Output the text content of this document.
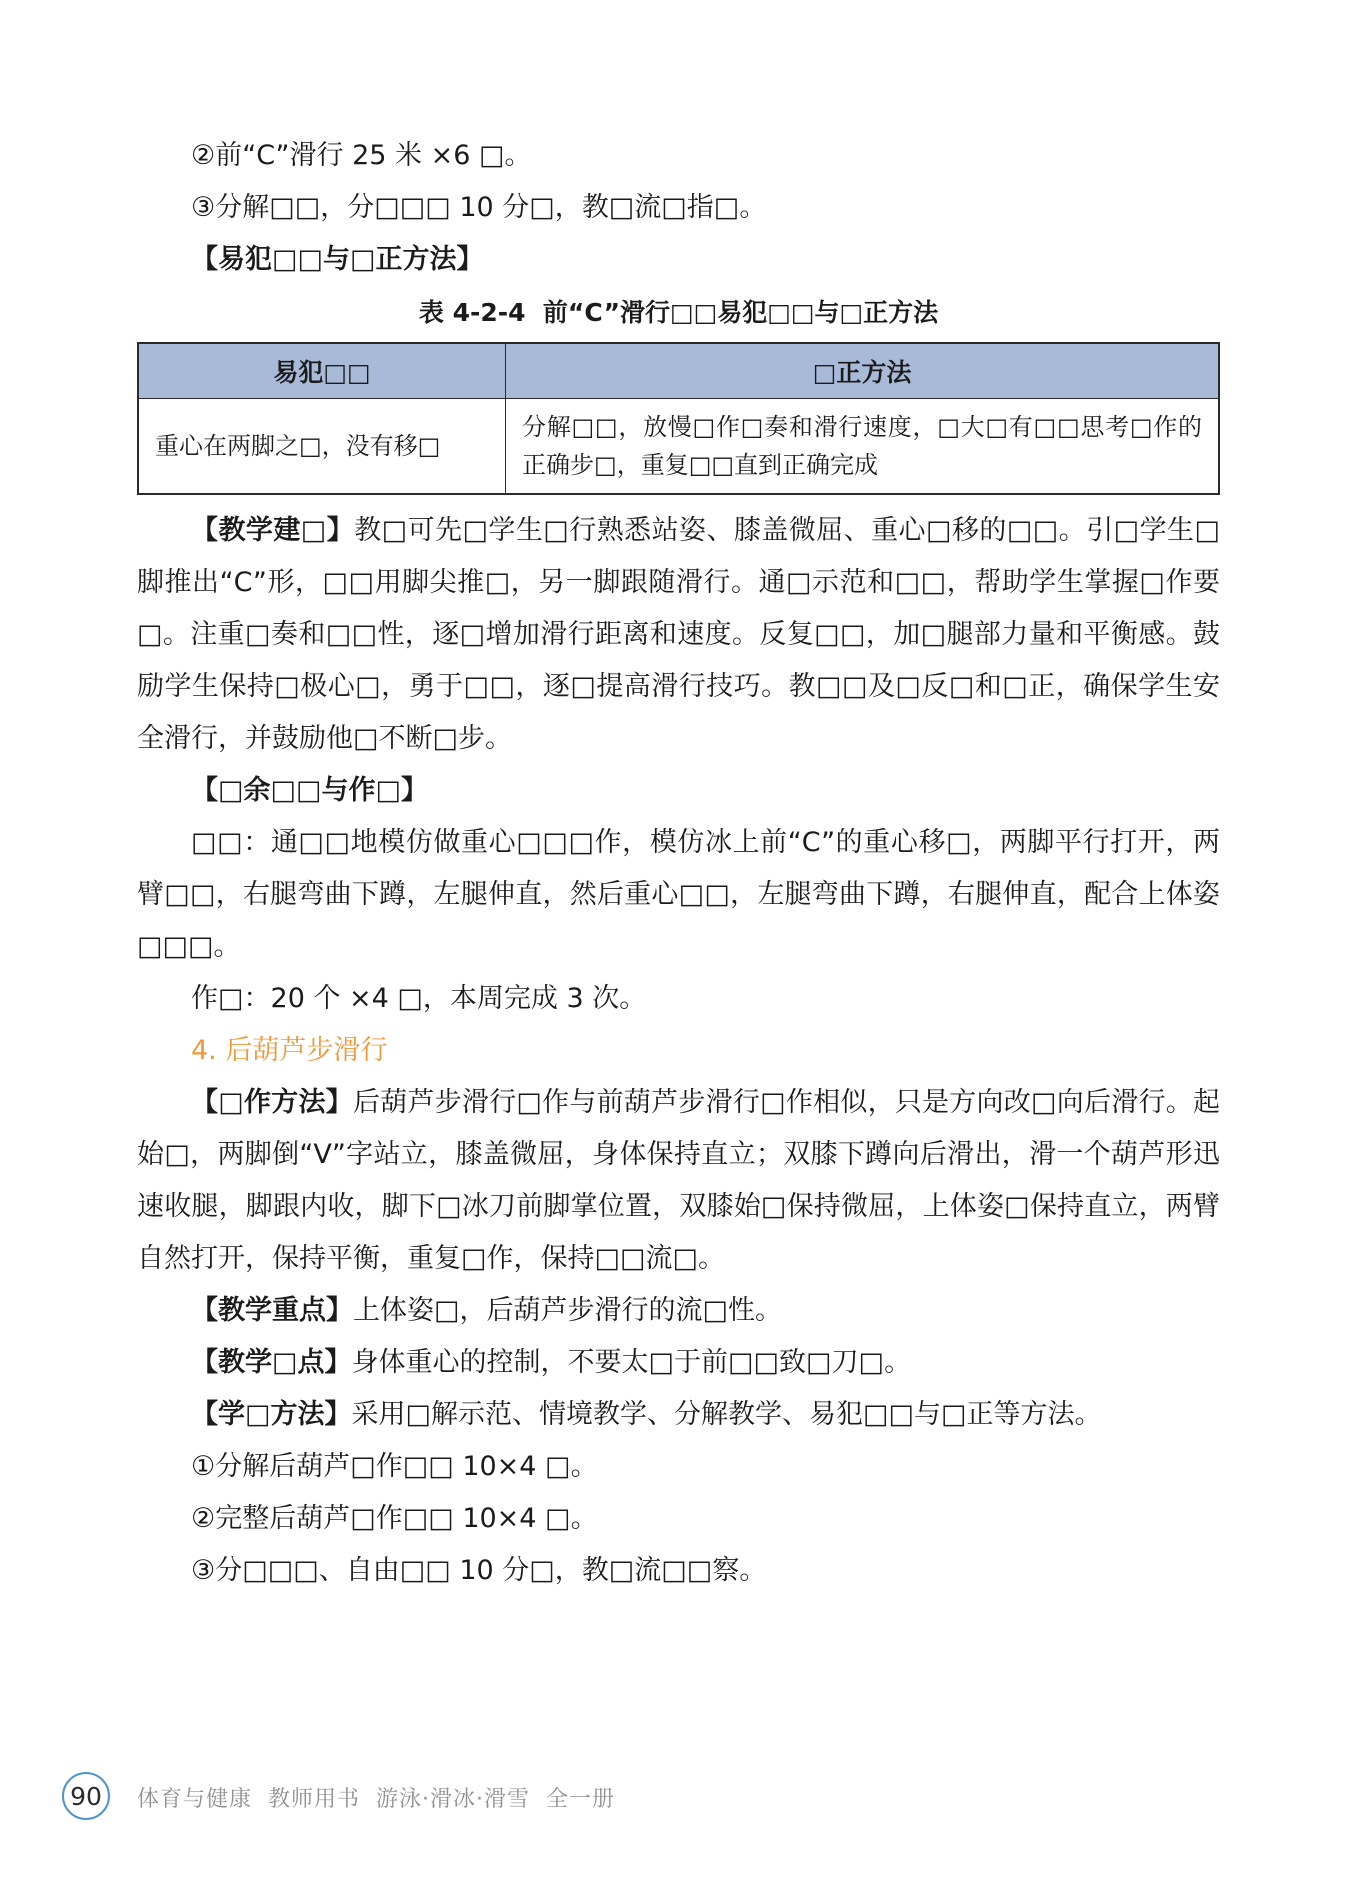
②前“C”滑行 25 米 ×6 □。

③分解□□，分□□□ 10 分□，教□流□指□。

【易犯□□与□正方法】

表 4-2-4  前“C”滑行□□易犯□□与□正方法
易犯□□	□正方法
重心在两脚之□，没有移□	分解□□，放慢□作□奏和滑行速度，□大□有□□思考□作的正确步□，重复□□直到正确完成

【教学建□】教□可先□学生□行熟悉站姿、膝盖微屈、重心□移的□□。引□学生□脚推出“C”形，□□用脚尖推□，另一脚跟随滑行。通□示范和□□，帮助学生掌握□作要□。注重□奏和□□性，逐□增加滑行距离和速度。反复□□，加□腿部力量和平衡感。鼓励学生保持□极心□，勇于□□，逐□提高滑行技巧。教□□及□反□和□正，确保学生安全滑行，并鼓励他□不断□步。

【□余□□与作□】

□□：通□□地模仿做重心□□□作，模仿冰上前“C”的重心移□，两脚平行打开，两臂□□，右腿弯曲下蹲，左腿伸直，然后重心□□，左腿弯曲下蹲，右腿伸直，配合上体姿□□□。

作□：20 个 ×4 □，本周完成 3 次。

4. 后葫芦步滑行

【□作方法】后葫芦步滑行□作与前葫芦步滑行□作相似，只是方向改□向后滑行。起始□，两脚倒“V”字站立，膝盖微屈，身体保持直立；双膝下蹲向后滑出，滑一个葫芦形迅速收腿，脚跟内收，脚下□冰刀前脚掌位置，双膝始□保持微屈，上体姿□保持直立，两臂自然打开，保持平衡，重复□作，保持□□流□。

【教学重点】上体姿□，后葫芦步滑行的流□性。

【教学□点】身体重心的控制，不要太□于前□□致□刀□。

【学□方法】采用□解示范、情境教学、分解教学、易犯□□与□正等方法。

①分解后葫芦□作□□ 10×4 □。

②完整后葫芦□作□□ 10×4 □。

③分□□□、自由□□ 10 分□，教□流□□察。

90	体育与健康  教师用书  游泳·滑冰·滑雪  全一册
